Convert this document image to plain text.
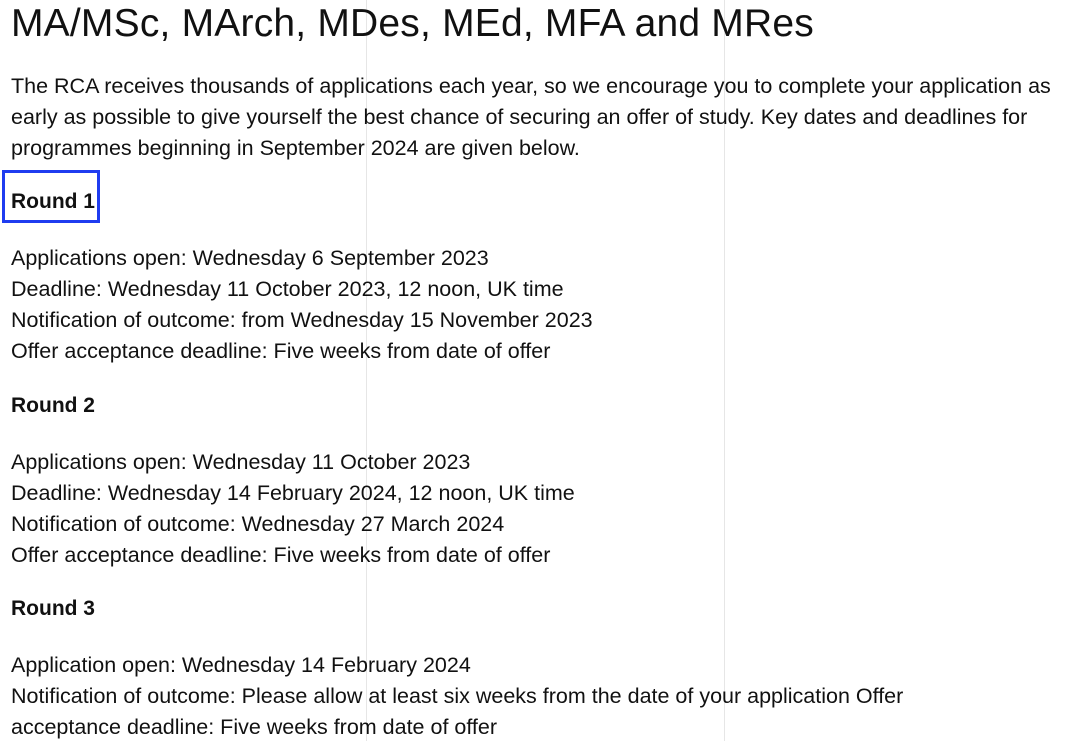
MA/MSc, MArch, MDes, MEd, MFA and MRes

The RCA receives thousands of applications each year, so we encourage you to complete your application as early as possible to give yourself the best chance of securing an offer of study. Key dates and deadlines for programmes beginning in September 2024 are given below.

Round 1
Applications open: Wednesday 6 September 2023
Deadline: Wednesday 11 October 2023, 12 noon, UK time
Notification of outcome: from Wednesday 15 November 2023
Offer acceptance deadline: Five weeks from date of offer
Round 2
Applications open: Wednesday 11 October 2023
Deadline: Wednesday 14 February 2024, 12 noon, UK time
Notification of outcome: Wednesday 27 March 2024
Offer acceptance deadline: Five weeks from date of offer
Round 3
Application open: Wednesday 14 February 2024
Notification of outcome: Please allow at least six weeks from the date of your application Offer acceptance deadline: Five weeks from date of offer
